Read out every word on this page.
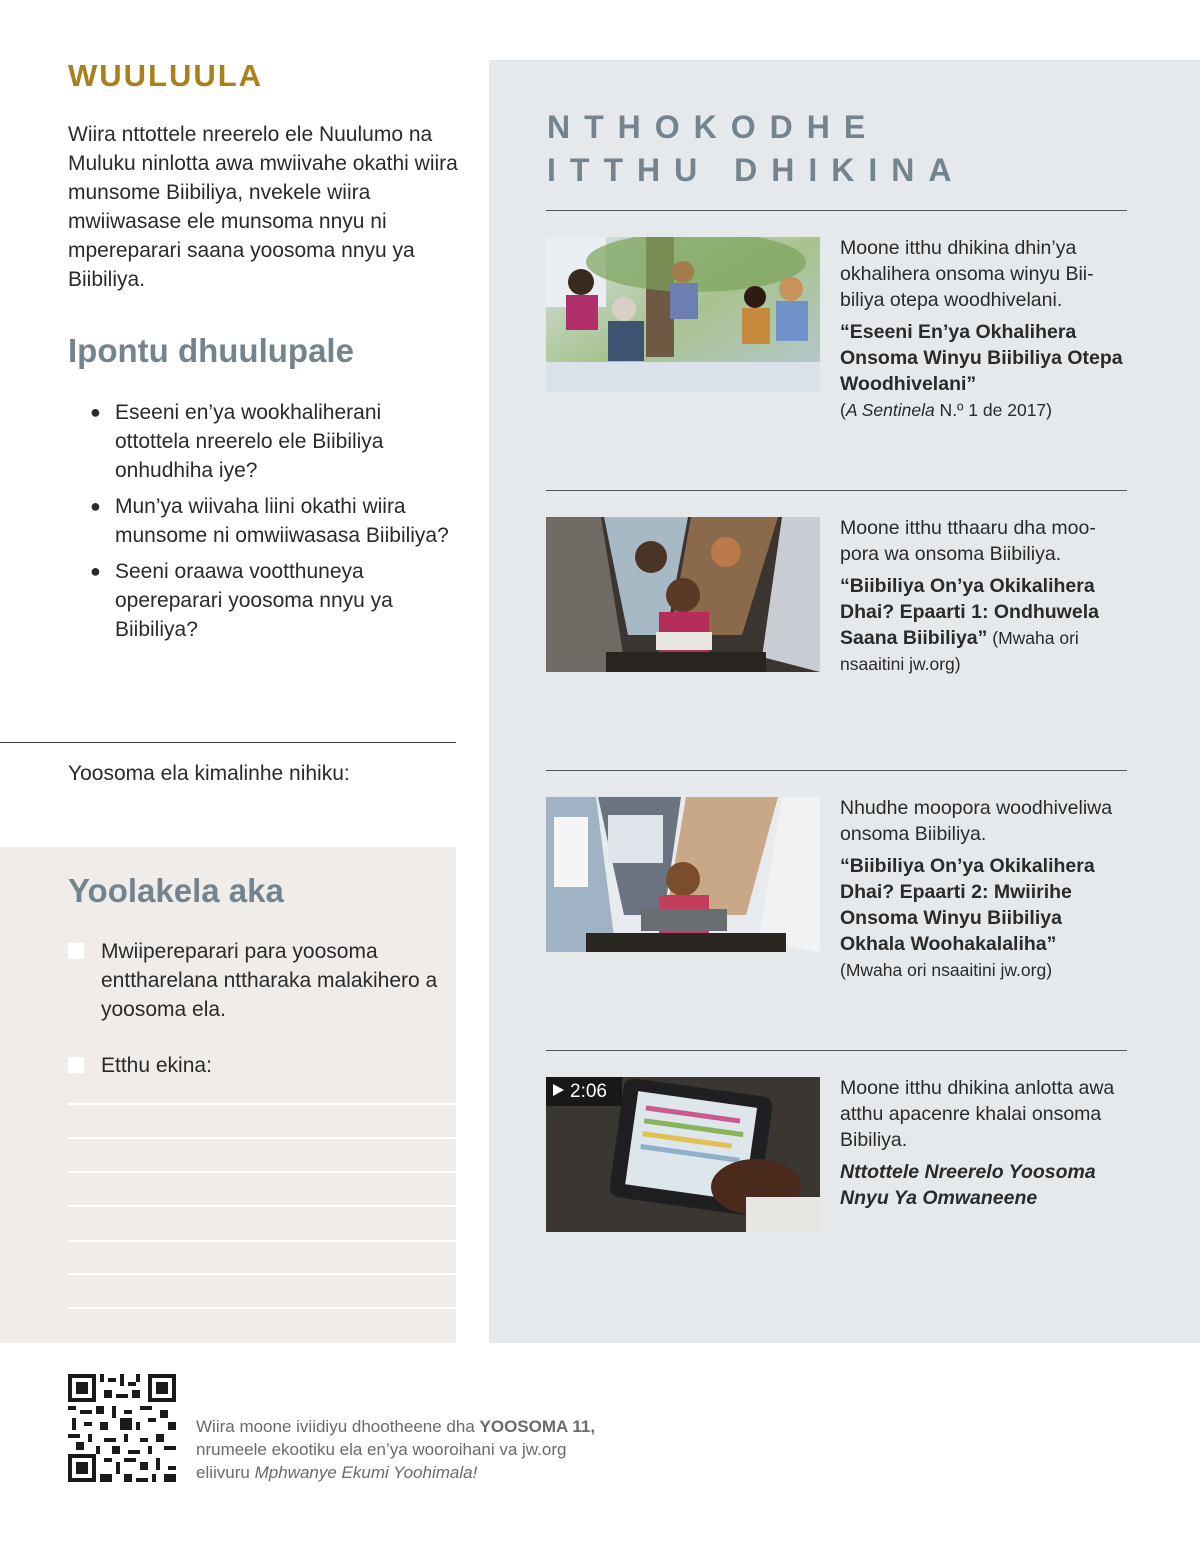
WUULUULA

Wiira nttottele nreerelo ele Nuulumo na Muluku ninlotta awa mwiivahe okathi wiira munsome Biibiliya, nvekele wiira mwiiwasase ele munsoma nnyu ni mpereparari saana yoosoma nnyu ya Biibiliya.

Ipontu dhuulupale
● Eseeni en’ya wookhaliherani ottottela nreerelo ele Biibiliya onhudhiha iye?
● Mun’ya wiivaha liini okathi wiira munsome ni omwiiwasasa Biibiliya?
● Seeni oraawa vootthuneya opereparari yoosoma nnyu ya Biibiliya?
Yoosoma ela kimalinhe nihiku:
Yoolakela aka
Mwiipereparari para yoosoma enttharelana nttharaka malakihero a yoosoma ela.
Etthu ekina:
NTHOKODHE
ITTHU DHIKINA
Moone itthu dhikina dhin’ya okhalihera onsoma winyu Biibiliya otepa woodhivelani.
“Eseeni En’ya Okhalihera Onsoma Winyu Biibiliya Otepa Woodhivelani”
(A Sentinela N.º 1 de 2017)
Moone itthu tthaaru dha moopora wa onsoma Biibiliya.
“Biibiliya On’ya Okikalihera Dhai? Epaarti 1: Ondhuwela Saana Biibiliya” (Mwaha ori nsaaitini jw.org)
Nhudhe moopora woodhiveliwa onsoma Biibiliya.
“Biibiliya On’ya Okikalihera Dhai? Epaarti 2: Mwiirihe Onsoma Winyu Biibiliya Okhala Woohakalaliha”
(Mwaha ori nsaaitini jw.org)
2:06	Moone itthu dhikina anlotta awa atthu apacenre khalai onsoma Bibiliya.
Nttottele Nreerelo Yoosoma Nnyu Ya Omwaneene
Wiira moone iviidiyu dhootheene dha YOOSOMA 11,
nrumeele ekootiku ela en’ya wooroihani va jw.org
eliivuru Mphwanye Ekumi Yoohimala!
